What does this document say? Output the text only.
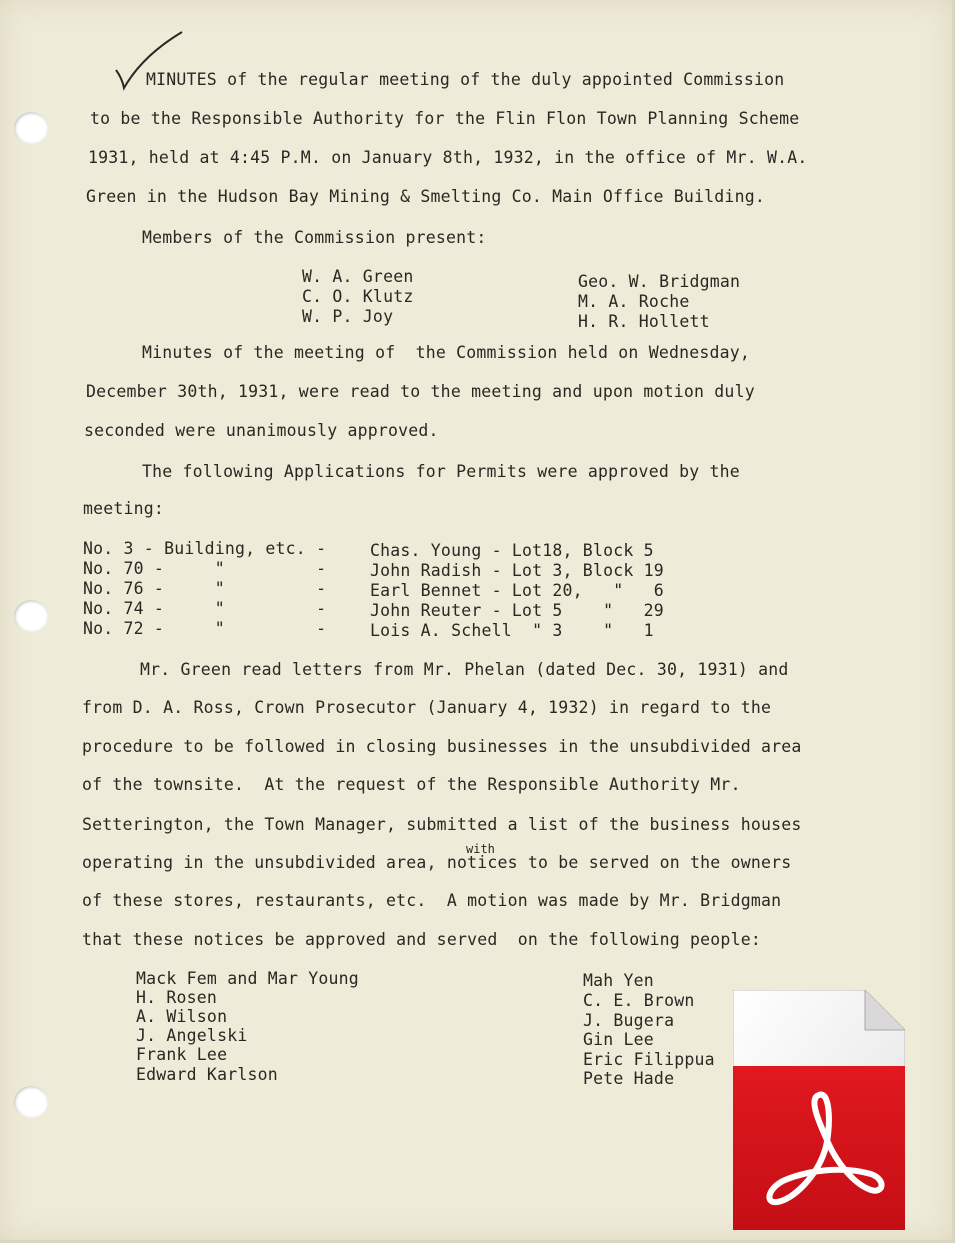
MINUTES of the regular meeting of the duly appointed Commission
to be the Responsible Authority for the Flin Flon Town Planning Scheme
1931, held at 4:45 P.M. on January 8th, 1932, in the office of Mr. W.A.
Green in the Hudson Bay Mining & Smelting Co. Main Office Building.
Members of the Commission present:
W. A. Green
C. O. Klutz
W. P. Joy
Geo. W. Bridgman
M. A. Roche
H. R. Hollett
Minutes of the meeting of  the Commission held on Wednesday,
December 30th, 1931, were read to the meeting and upon motion duly
seconded were unanimously approved.
The following Applications for Permits were approved by the
meeting:
No. 3 - Building, etc. -	Chas. Young - Lot18, Block 5
No. 70 -     "         -	John Radish - Lot 3, Block 19
No. 76 -     "         -	Earl Bennet - Lot 20,   "   6
No. 74 -     "         -	John Reuter - Lot 5    "   29
No. 72 -     "         -	Lois A. Schell  " 3    "   1
Mr. Green read letters from Mr. Phelan (dated Dec. 30, 1931) and
from D. A. Ross, Crown Prosecutor (January 4, 1932) in regard to the
procedure to be followed in closing businesses in the unsubdivided area
of the townsite.  At the request of the Responsible Authority Mr.
Setterington, the Town Manager, submitted a list of the business houses
with
operating in the unsubdivided area, notices to be served on the owners
of these stores, restaurants, etc.  A motion was made by Mr. Bridgman
that these notices be approved and served  on the following people:
Mack Fem and Mar Young
H. Rosen
A. Wilson
J. Angelski
Frank Lee
Edward Karlson
Mah Yen
C. E. Brown
J. Bugera
Gin Lee
Eric Filippua
Pete Hade
